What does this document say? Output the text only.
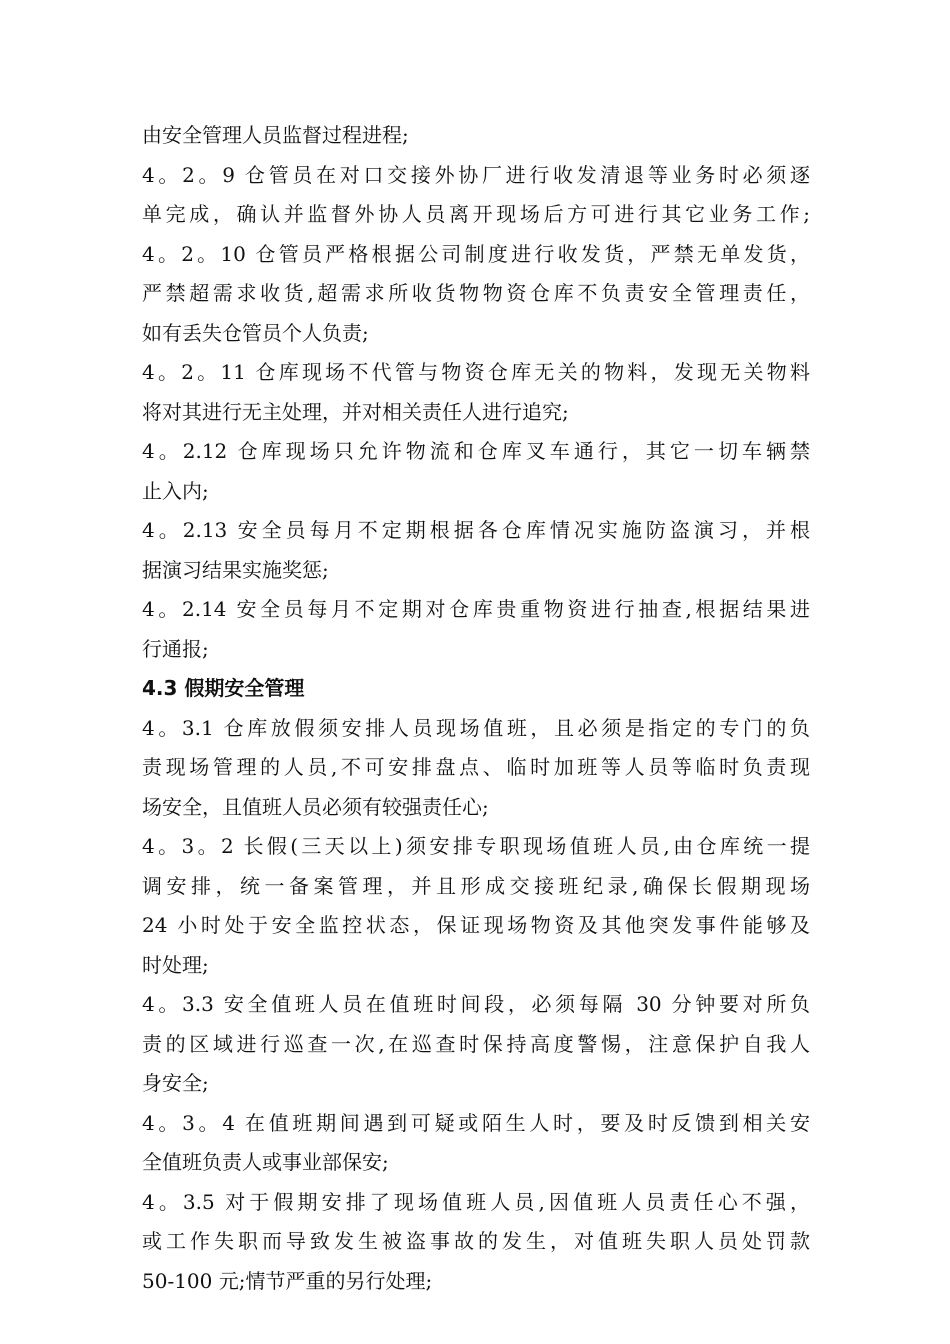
由安全管理人员监督过程进程;
4。2。9 仓管员在对口交接外协厂进行收发清退等业务时必须逐
单完成，确认并监督外协人员离开现场后方可进行其它业务工作;
4。2。10 仓管员严格根据公司制度进行收发货，严禁无单发货，
严禁超需求收货,超需求所收货物物资仓库不负责安全管理责任，
如有丢失仓管员个人负责;
4。2。11 仓库现场不代管与物资仓库无关的物料，发现无关物料
将对其进行无主处理，并对相关责任人进行追究;
4。2.12 仓库现场只允许物流和仓库叉车通行，其它一切车辆禁
止入内;
4。2.13 安全员每月不定期根据各仓库情况实施防盗演习，并根
据演习结果实施奖惩;
4。2.14 安全员每月不定期对仓库贵重物资进行抽查,根据结果进
行通报;
4.3 假期安全管理
4。3.1 仓库放假须安排人员现场值班，且必须是指定的专门的负
责现场管理的人员,不可安排盘点、临时加班等人员等临时负责现
场安全，且值班人员必须有较强责任心;
4。3。2 长假(三天以上)须安排专职现场值班人员,由仓库统一提
调安排，统一备案管理，并且形成交接班纪录,确保长假期现场
24 小时处于安全监控状态，保证现场物资及其他突发事件能够及
时处理;
4。3.3 安全值班人员在值班时间段，必须每隔 30 分钟要对所负
责的区域进行巡查一次,在巡查时保持高度警惕，注意保护自我人
身安全;
4。3。4 在值班期间遇到可疑或陌生人时，要及时反馈到相关安
全值班负责人或事业部保安;
4。3.5 对于假期安排了现场值班人员,因值班人员责任心不强，
或工作失职而导致发生被盗事故的发生，对值班失职人员处罚款
50-100 元;情节严重的另行处理;
